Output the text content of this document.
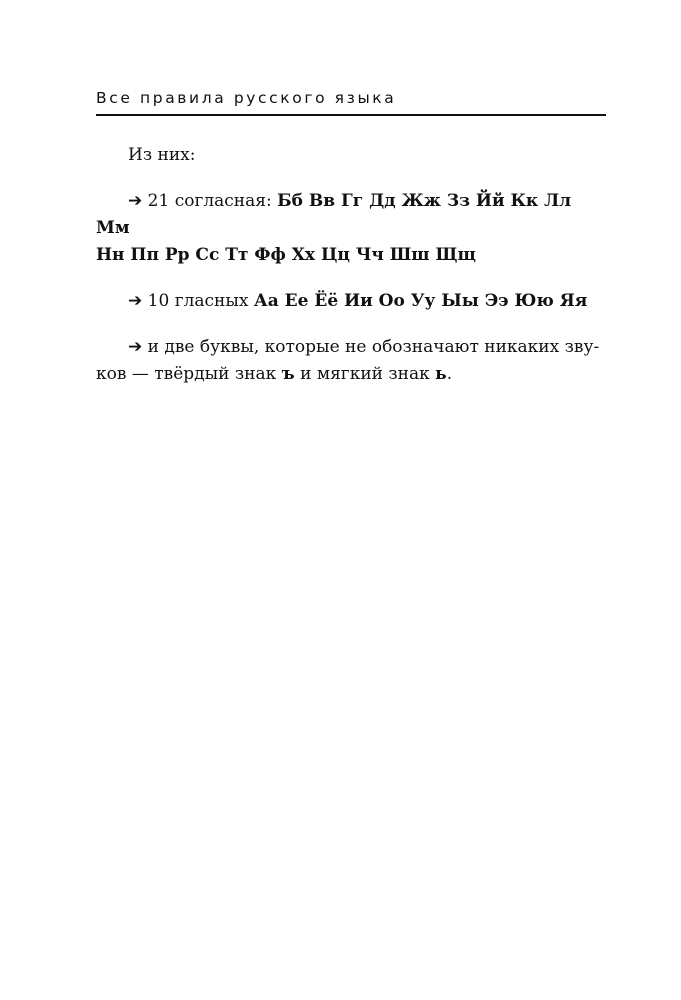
Все правила русского языка

Из них:

➔ 21 согласная: Бб Вв Гг Дд Жж Зз Йй Кк Лл Мм
Нн Пп Рр Сс Тт Фф Хх Цц Чч Шш Щщ

➔ 10 гласных Аа Ее Ёё Ии Оо Уу Ыы Ээ Юю Яя

➔ и две буквы, которые не обозначают никаких зву-
ков — твёрдый знак ъ и мягкий знак ь.
